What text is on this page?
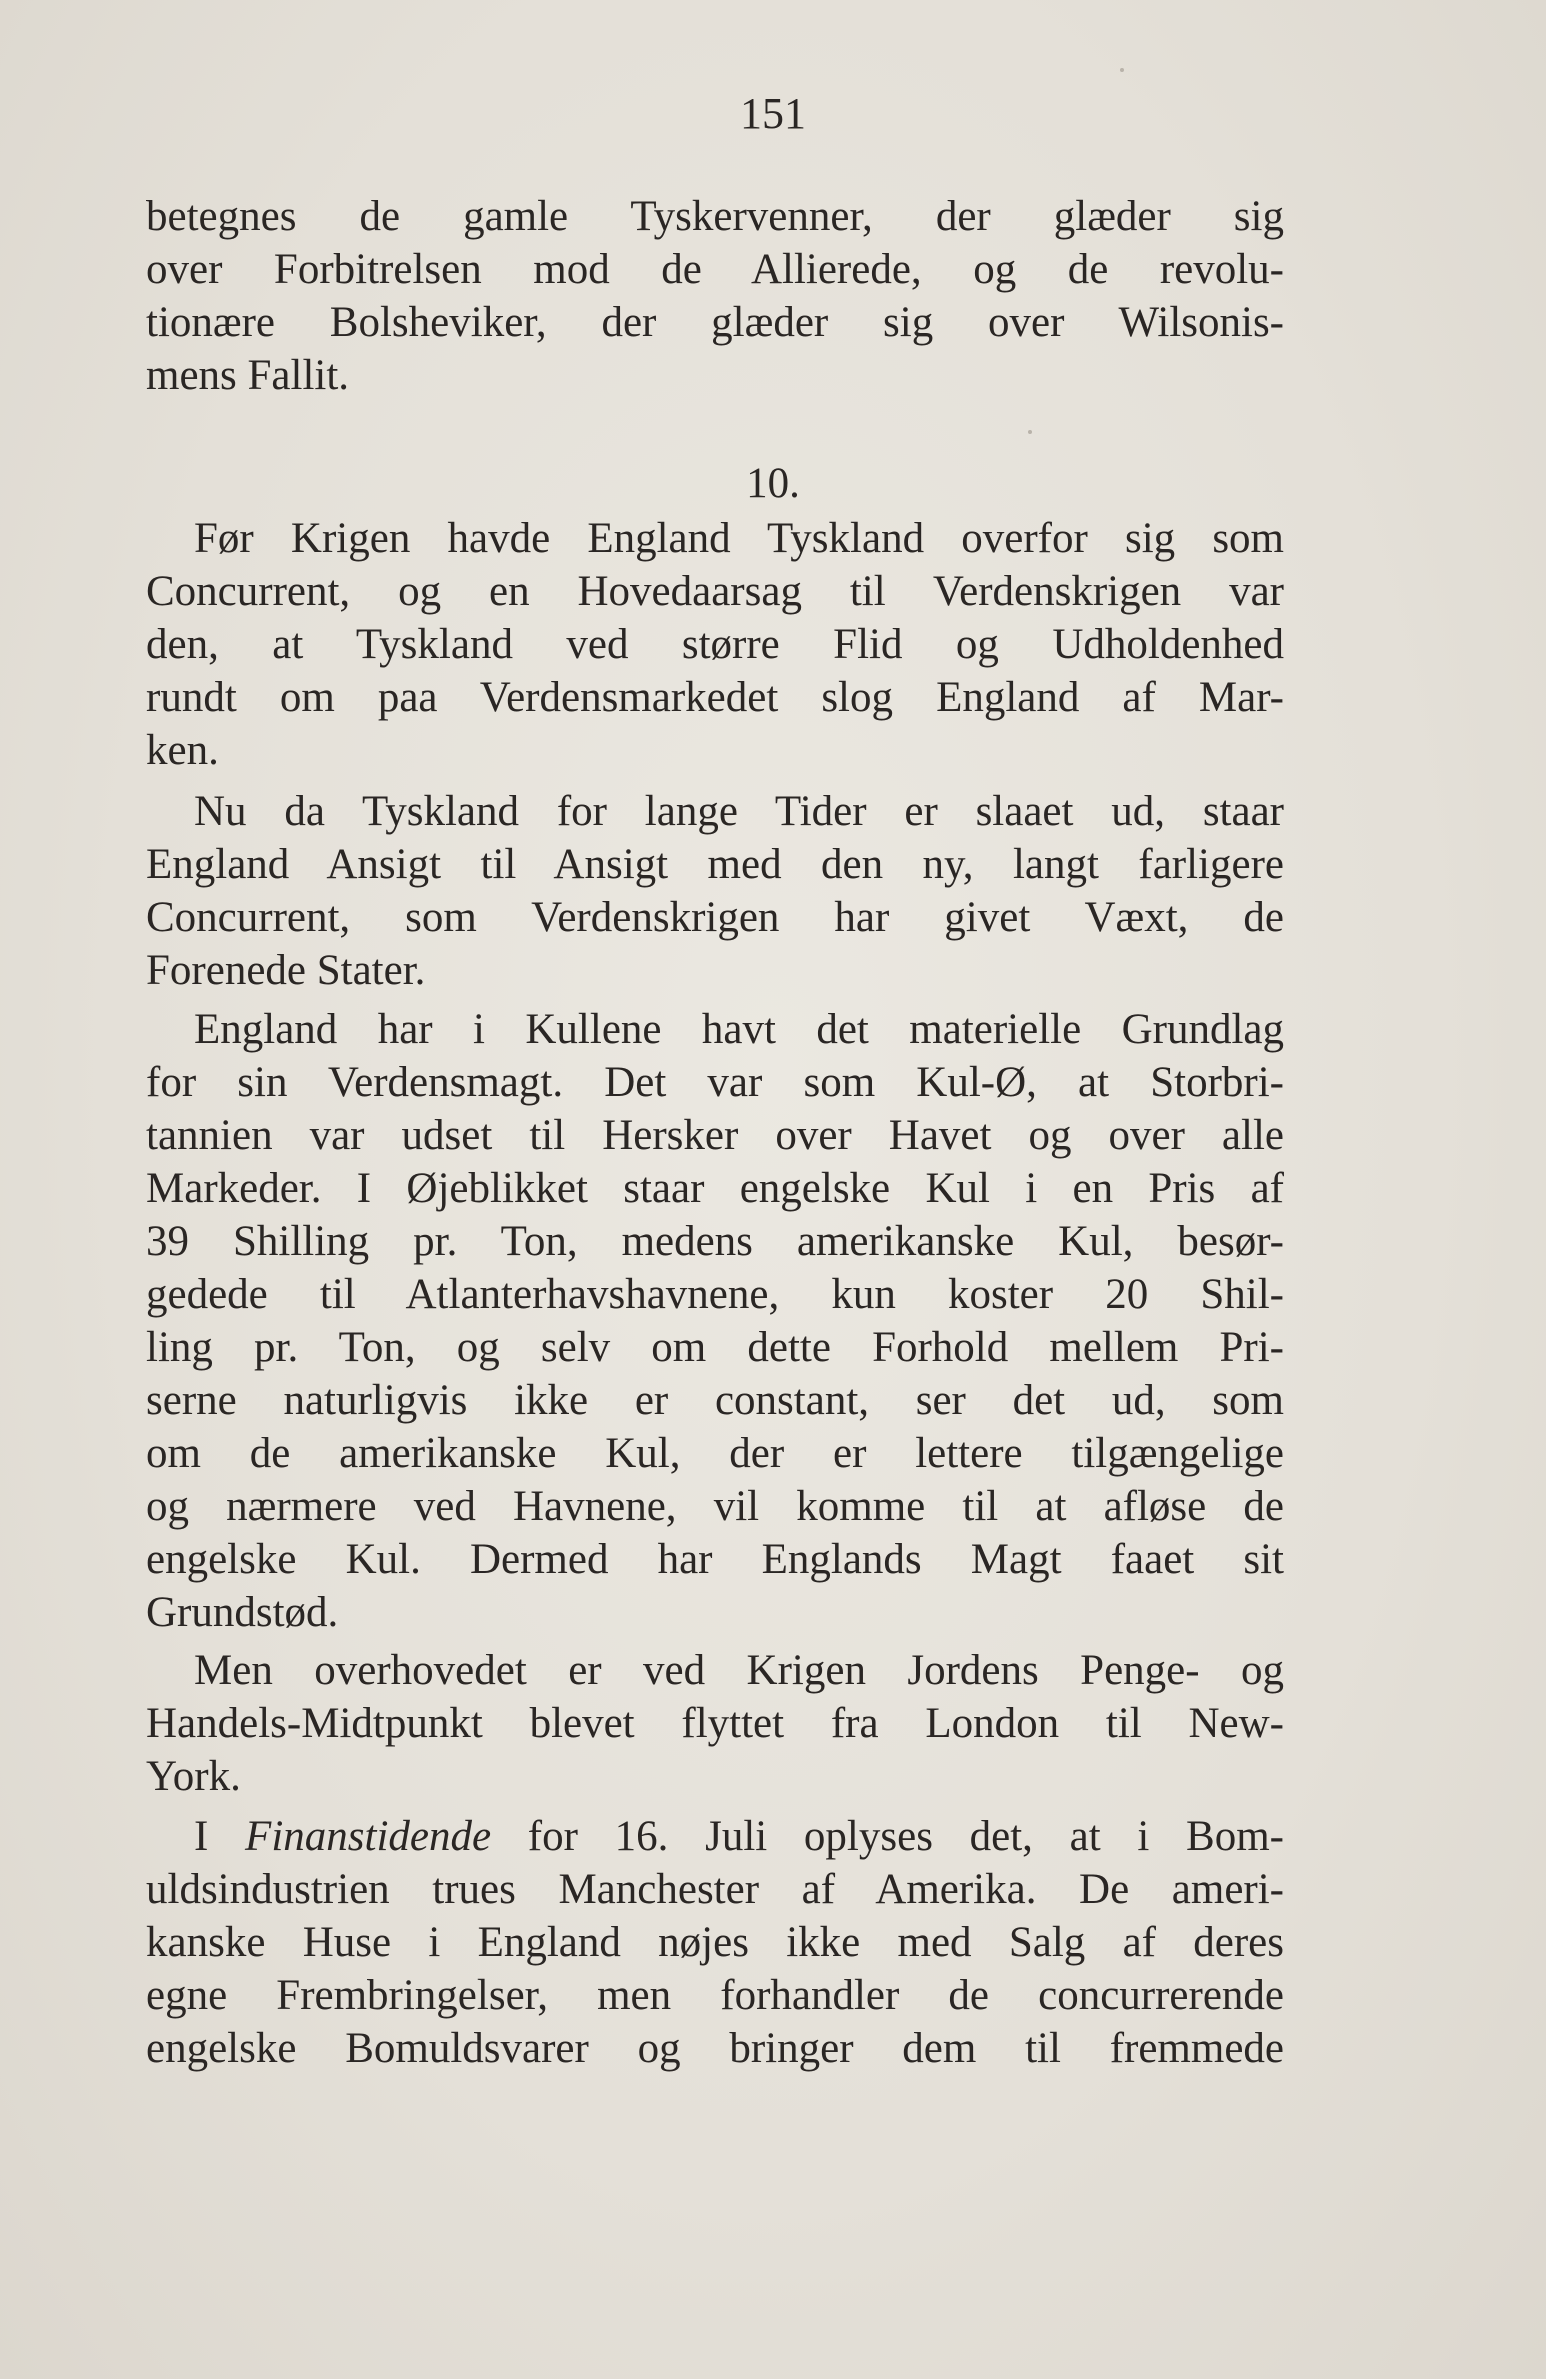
151
betegnes de gamle Tyskervenner, der glæder sig
over Forbitrelsen mod de Allierede, og de revolu-
tionære Bolsheviker, der glæder sig over Wilsonis-
mens Fallit.
10.
Før Krigen havde England Tyskland overfor sig som
Concurrent, og en Hovedaarsag til Verdenskrigen var
den, at Tyskland ved større Flid og Udholdenhed
rundt om paa Verdensmarkedet slog England af Mar-
ken.
Nu da Tyskland for lange Tider er slaaet ud, staar
England Ansigt til Ansigt med den ny, langt farligere
Concurrent, som Verdenskrigen har givet Væxt, de
Forenede Stater.
England har i Kullene havt det materielle Grundlag
for sin Verdensmagt. Det var som Kul-Ø, at Storbri-
tannien var udset til Hersker over Havet og over alle
Markeder. I Øjeblikket staar engelske Kul i en Pris af
39 Shilling pr. Ton, medens amerikanske Kul, besør-
gedede til Atlanterhavshavnene, kun koster 20 Shil-
ling pr. Ton, og selv om dette Forhold mellem Pri-
serne naturligvis ikke er constant, ser det ud, som
om de amerikanske Kul, der er lettere tilgængelige
og nærmere ved Havnene, vil komme til at afløse de
engelske Kul. Dermed har Englands Magt faaet sit
Grundstød.
Men overhovedet er ved Krigen Jordens Penge- og
Handels-Midtpunkt blevet flyttet fra London til New-
York.
I Finanstidende for 16. Juli oplyses det, at i Bom-
uldsindustrien trues Manchester af Amerika. De ameri-
kanske Huse i England nøjes ikke med Salg af deres
egne Frembringelser, men forhandler de concurrerende
engelske Bomuldsvarer og bringer dem til fremmede
